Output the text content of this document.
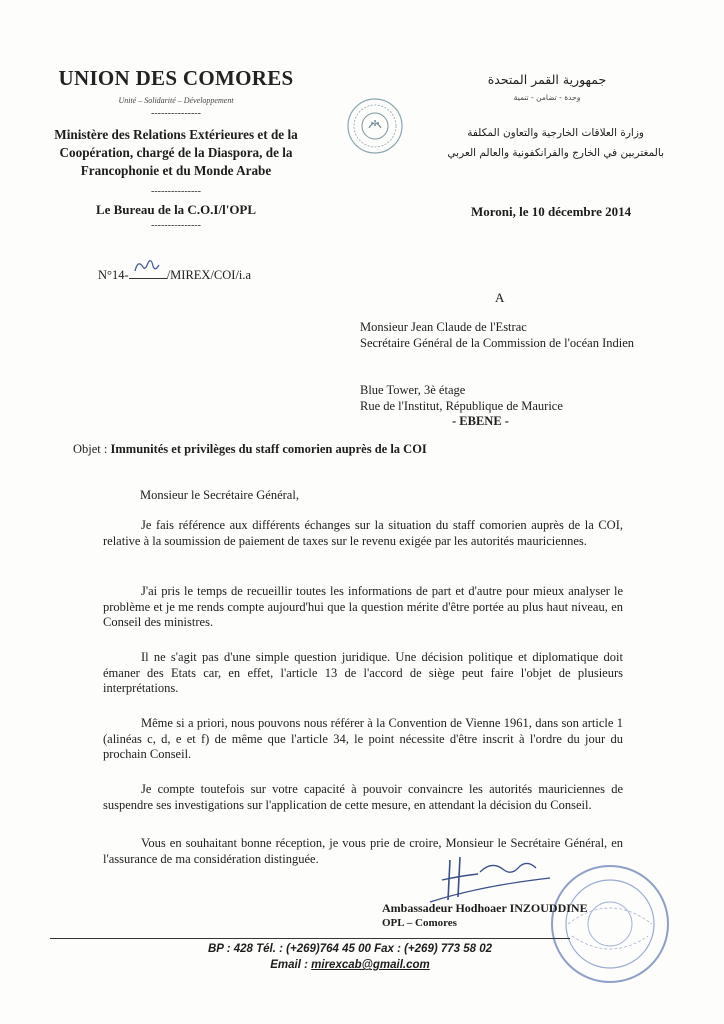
UNION DES COMORES
Unité – Solidarité – Développement
---------------
Ministère des Relations Extérieures et de la Coopération, chargé de la Diaspora, de la Francophonie et du Monde Arabe
---------------
Le Bureau de la C.O.I/l'OPL
---------------
جمهورية القمر المتحدة
وحدة - تضامن - تنمية
وزارة العلاقات الخارجية والتعاون المكلفة
بالمغتربين في الخارج والفرانكفونية والعالم العربي
Moroni, le 10 décembre 2014
N°14-	/MIREX/COI/i.a
A
Monsieur Jean Claude de l'Estrac
Secrétaire Général de la Commission de l'océan Indien
Blue Tower, 3è étage
Rue de l'Institut, République de Maurice
- EBENE -
Objet : Immunités et privilèges du staff comorien auprès de la COI
Monsieur le Secrétaire Général,
Je fais référence aux différents échanges sur la situation du staff comorien auprès de la COI, relative à la soumission de paiement de taxes sur le revenu exigée par les autorités mauriciennes.
J'ai pris le temps de recueillir toutes les informations de part et d'autre pour mieux analyser le problème et je me rends compte aujourd'hui que la question mérite d'être portée au plus haut niveau, en Conseil des ministres.
Il ne s'agit pas d'une simple question juridique. Une décision politique et diplomatique doit émaner des Etats car, en effet, l'article 13 de l'accord de siège peut faire l'objet de plusieurs interprétations.
Même si a priori, nous pouvons nous référer à la Convention de Vienne 1961, dans son article 1 (alinéas c, d, e et f) de même que l'article 34, le point nécessite d'être inscrit à l'ordre du jour du prochain Conseil.
Je compte toutefois sur votre capacité à pouvoir convaincre les autorités mauriciennes de suspendre ses investigations sur l'application de cette mesure, en attendant la décision du Conseil.
Vous en souhaitant bonne réception, je vous prie de croire, Monsieur le Secrétaire Général, en l'assurance de ma considération distinguée.
Ambassadeur Hodhoaer INZOUDDINE
OPL – Comores
BP : 428 Tél. : (+269)764 45 00 Fax : (+269) 773 58 02
Email : mirexcab@gmail.com
